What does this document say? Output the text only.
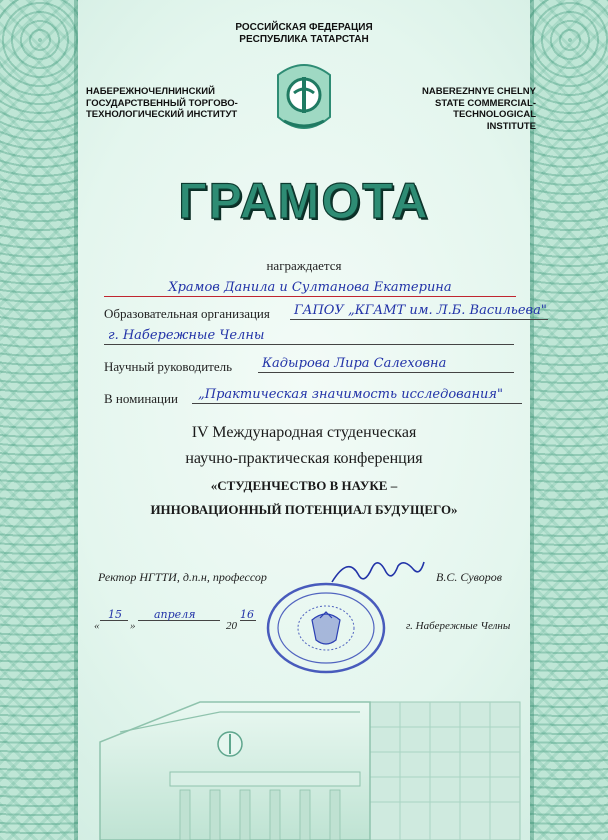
РОССИЙСКАЯ ФЕДЕРАЦИЯ
РЕСПУБЛИКА ТАТАРСТАН
НАБЕРЕЖНОЧЕЛНИНСКИЙ
ГОСУДАРСТВЕННЫЙ ТОРГОВО-
ТЕХНОЛОГИЧЕСКИЙ ИНСТИТУТ
NABEREZHNYE CHELNY
STATE COMMERCIAL-
TECHNOLOGICAL INSTITUTE
ГРАМОТА
награждается
Храмов Данила и Султанова Екатерина
Образовательная организация ГАПОУ „КГАМТ им. Л.Б. Васильева"
г. Набережные Челны
Научный руководитель Кадырова Лира Салеховна
В номинации „Практическая значимость исследования"
IV Международная студенческая
научно-практическая конференция
«СТУДЕНЧЕСТВО В НАУКЕ –
ИННОВАЦИОННЫЙ ПОТЕНЦИАЛ БУДУЩЕГО»
Ректор НГТТИ, д.п.н, профессор	В.С. Суворов
«
15
»
апреля
20
16
г. Набережные Челны
